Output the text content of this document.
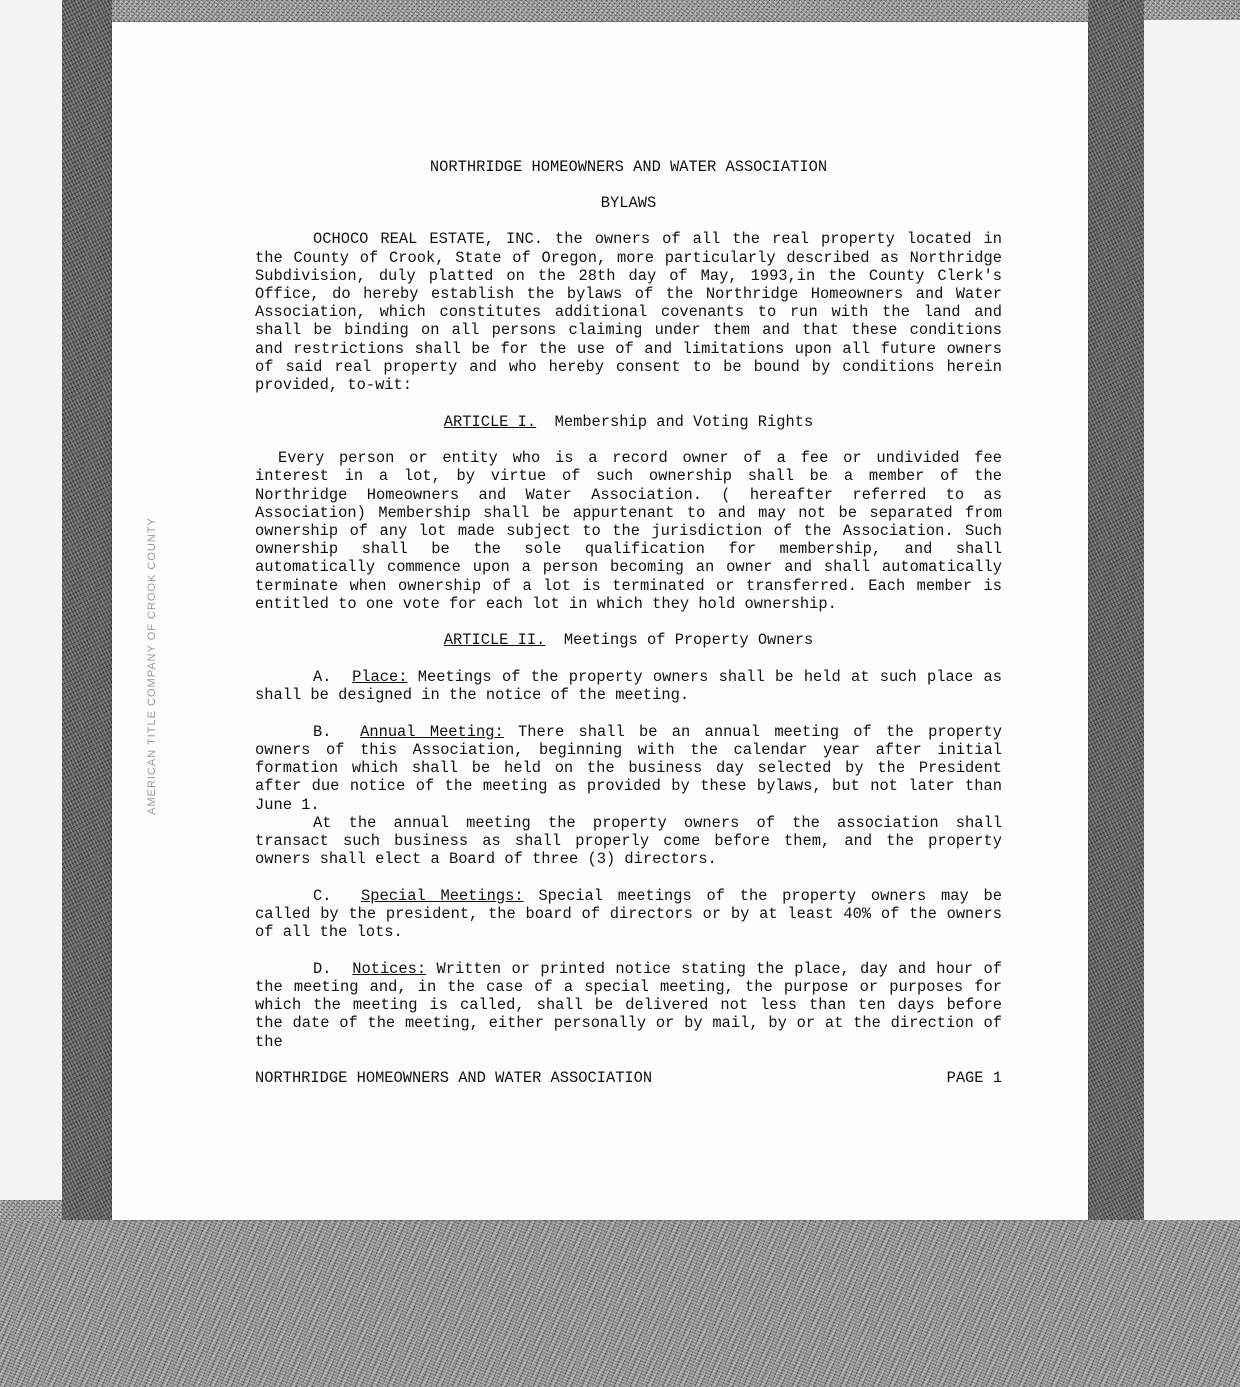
AMERICAN TITLE COMPANY OF CROOK COUNTY

NORTHRIDGE HOMEOWNERS AND WATER ASSOCIATION

BYLAWS

OCHOCO REAL ESTATE, INC. the owners of all the real property located in the County of Crook, State of Oregon, more particularly described as Northridge Subdivision, duly platted on the 28th day of May, 1993,in the County Clerk's Office, do hereby establish the bylaws of the Northridge Homeowners and Water Association, which constitutes additional covenants to run with the land and shall be binding on all persons claiming under them and that these conditions and restrictions shall be for the use of and limitations upon all future owners of said real property and who hereby consent to be bound by conditions herein provided, to-wit:

ARTICLE I. Membership and Voting Rights

Every person or entity who is a record owner of a fee or undivided fee interest in a lot, by virtue of such ownership shall be a member of the Northridge Homeowners and Water Association. ( hereafter referred to as Association) Membership shall be appurtenant to and may not be separated from ownership of any lot made subject to the jurisdiction of the Association. Such ownership shall be the sole qualification for membership, and shall automatically commence upon a person becoming an owner and shall automatically terminate when ownership of a lot is terminated or transferred. Each member is entitled to one vote for each lot in which they hold ownership.

ARTICLE II. Meetings of Property Owners

A. Place: Meetings of the property owners shall be held at such place as shall be designed in the notice of the meeting.

B. Annual Meeting: There shall be an annual meeting of the property owners of this Association, beginning with the calendar year after initial formation which shall be held on the business day selected by the President after due notice of the meeting as provided by these bylaws, but not later than June 1.

At the annual meeting the property owners of the association shall transact such business as shall properly come before them, and the property owners shall elect a Board of three (3) directors.

C. Special Meetings: Special meetings of the property owners may be called by the president, the board of directors or by at least 40% of the owners of all the lots.

D. Notices: Written or printed notice stating the place, day and hour of the meeting and, in the case of a special meeting, the purpose or purposes for which the meeting is called, shall be delivered not less than ten days before the date of the meeting, either personally or by mail, by or at the direction of the

NORTHRIDGE HOMEOWNERS AND WATER ASSOCIATION	PAGE 1
